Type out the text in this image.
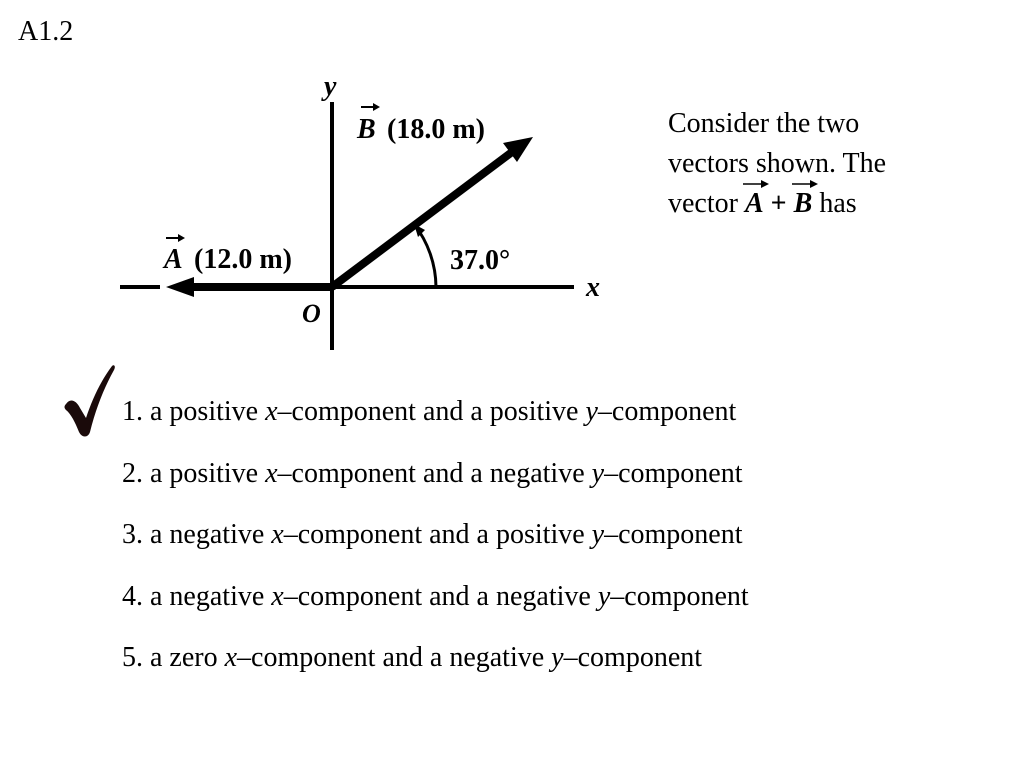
A1.2
y
x
O
B (18.0 m)
A (12.0 m)	37.0°
Consider the two
vectors shown. The
vector
A +
B has
1. a positive x–component and a positive y–component
2. a positive x–component and a negative y–component
3. a negative x–component and a positive y–component
4. a negative x–component and a negative y–component
5. a zero x–component and a negative y–component
